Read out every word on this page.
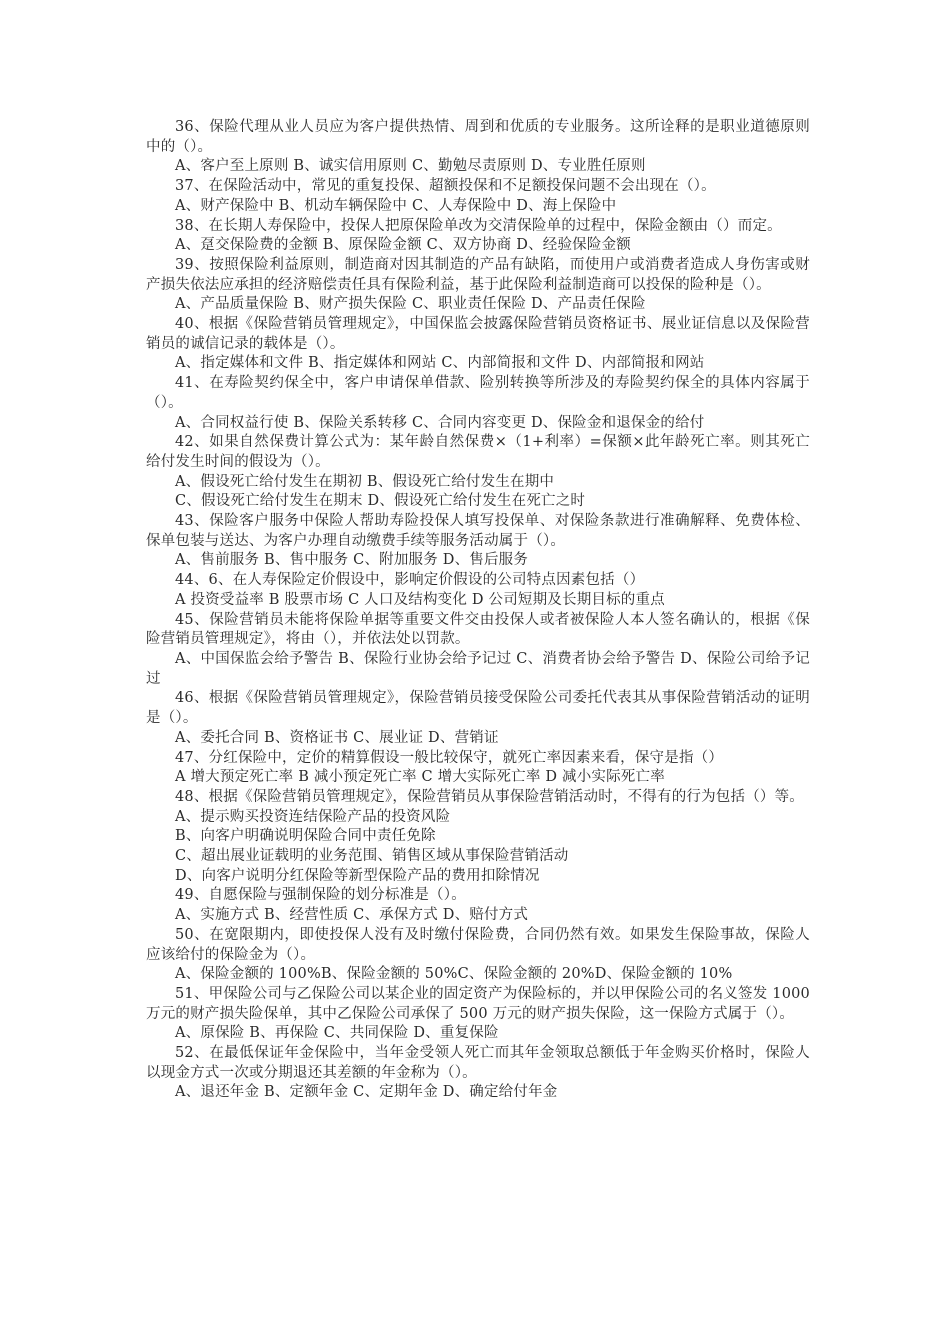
36、保险代理从业人员应为客户提供热情、周到和优质的专业服务。这所诠释的是职业道德原则中的（）。

A、客户至上原则 B、诚实信用原则 C、勤勉尽责原则 D、专业胜任原则

37、在保险活动中，常见的重复投保、超额投保和不足额投保问题不会出现在（）。

A、财产保险中 B、机动车辆保险中 C、人寿保险中 D、海上保险中

38、在长期人寿保险中，投保人把原保险单改为交清保险单的过程中，保险金额由（）而定。

A、趸交保险费的金额 B、原保险金额 C、双方协商 D、经验保险金额

39、按照保险利益原则，制造商对因其制造的产品有缺陷，而使用户或消费者造成人身伤害或财产损失依法应承担的经济赔偿责任具有保险利益，基于此保险利益制造商可以投保的险种是（）。

A、产品质量保险 B、财产损失保险 C、职业责任保险 D、产品责任保险

40、根据《保险营销员管理规定》，中国保监会披露保险营销员资格证书、展业证信息以及保险营销员的诚信记录的载体是（）。

A、指定媒体和文件 B、指定媒体和网站 C、内部简报和文件 D、内部简报和网站

41、在寿险契约保全中，客户申请保单借款、险别转换等所涉及的寿险契约保全的具体内容属于（）。

A、合同权益行使 B、保险关系转移 C、合同内容变更 D、保险金和退保金的给付

42、如果自然保费计算公式为：某年龄自然保费×（1+利率）=保额×此年龄死亡率。则其死亡给付发生时间的假设为（）。

A、假设死亡给付发生在期初 B、假设死亡给付发生在期中

C、假设死亡给付发生在期末 D、假设死亡给付发生在死亡之时

43、保险客户服务中保险人帮助寿险投保人填写投保单、对保险条款进行准确解释、免费体检、保单包装与送达、为客户办理自动缴费手续等服务活动属于（）。

A、售前服务 B、售中服务 C、附加服务 D、售后服务

44、6、在人寿保险定价假设中，影响定价假设的公司特点因素包括（）

A 投资受益率 B 股票市场 C 人口及结构变化 D 公司短期及长期目标的重点

45、保险营销员未能将保险单据等重要文件交由投保人或者被保险人本人签名确认的，根据《保险营销员管理规定》，将由（），并依法处以罚款。

A、中国保监会给予警告 B、保险行业协会给予记过 C、消费者协会给予警告 D、保险公司给予记过

46、根据《保险营销员管理规定》，保险营销员接受保险公司委托代表其从事保险营销活动的证明是（）。

A、委托合同 B、资格证书 C、展业证 D、营销证

47、分红保险中，定价的精算假设一般比较保守，就死亡率因素来看，保守是指（）

A 增大预定死亡率 B 减小预定死亡率 C 增大实际死亡率 D 减小实际死亡率

48、根据《保险营销员管理规定》，保险营销员从事保险营销活动时，不得有的行为包括（）等。

A、提示购买投资连结保险产品的投资风险

B、向客户明确说明保险合同中责任免除

C、超出展业证载明的业务范围、销售区域从事保险营销活动

D、向客户说明分红保险等新型保险产品的费用扣除情况

49、自愿保险与强制保险的划分标准是（）。

A、实施方式 B、经营性质 C、承保方式 D、赔付方式

50、在宽限期内，即使投保人没有及时缴付保险费，合同仍然有效。如果发生保险事故，保险人应该给付的保险金为（）。

A、保险金额的 100%B、保险金额的 50%C、保险金额的 20%D、保险金额的 10%

51、甲保险公司与乙保险公司以某企业的固定资产为保险标的，并以甲保险公司的名义签发 1000 万元的财产损失险保单，其中乙保险公司承保了 500 万元的财产损失保险，这一保险方式属于（）。

A、原保险 B、再保险 C、共同保险 D、重复保险

52、在最低保证年金保险中，当年金受领人死亡而其年金领取总额低于年金购买价格时，保险人以现金方式一次或分期退还其差额的年金称为（）。

A、退还年金 B、定额年金 C、定期年金 D、确定给付年金
